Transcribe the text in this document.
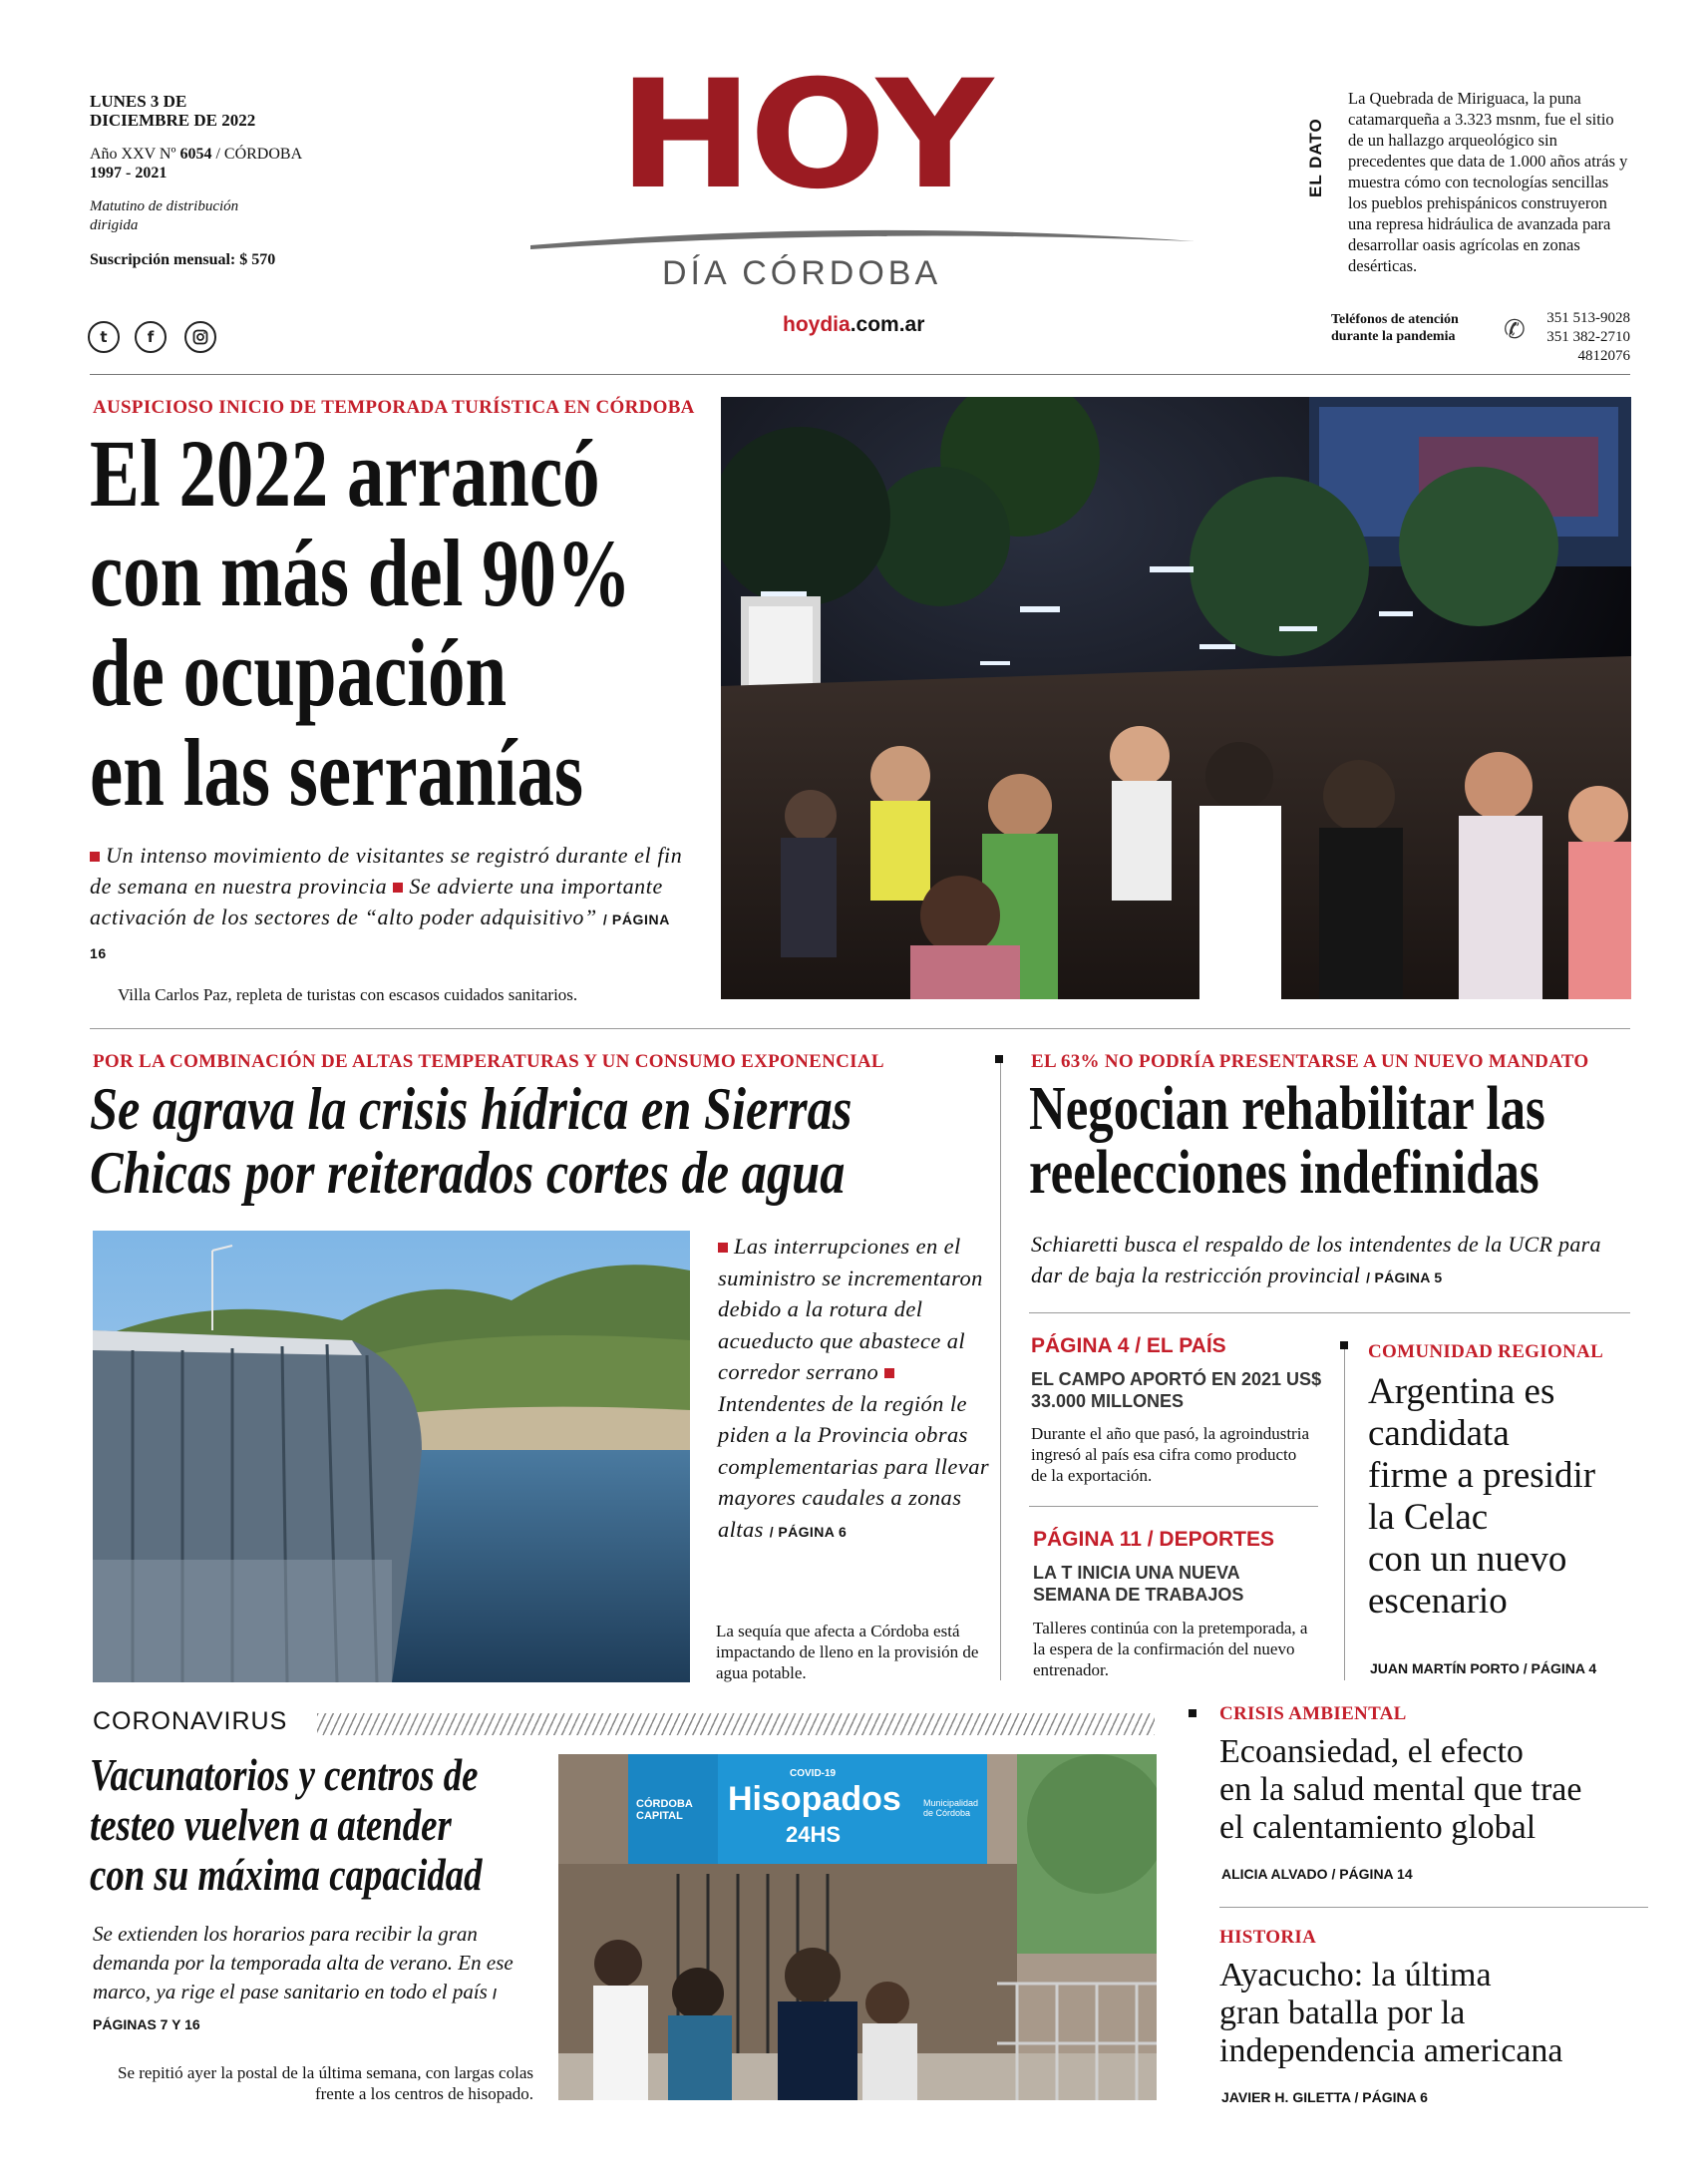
LUNES 3 DE DICIEMBRE DE 2022
Año XXV Nº 6054 / CÓRDOBA
1997 - 2021
Matutino de distribución dirigida
Suscripción mensual: $ 570
t	f
HOY
DÍA CÓRDOBA
hoydia.com.ar
EL DATO
La Quebrada de Miriguaca, la puna catamarqueña a 3.323 msnm, fue el sitio de un hallazgo arqueológico sin precedentes que data de 1.000 años atrás y muestra cómo con tecnologías sencillas los pueblos prehispánicos construyeron una represa hidráulica de avanzada para desarrollar oasis agrícolas en zonas desérticas.
Teléfonos de atención durante la pandemia	✆	351 513-9028
351 382-2710
4812076
AUSPICIOSO INICIO DE TEMPORADA TURÍSTICA EN CÓRDOBA
El 2022 arrancó
con más del 90%
de ocupación
en las serranías
Un intenso movimiento de visitantes se registró durante el fin de semana en nuestra provincia Se advierte una importante activación de los sectores de “alto poder adquisitivo” / PÁGINA 16
Villa Carlos Paz, repleta de turistas con escasos cuidados sanitarios.
POR LA COMBINACIÓN DE ALTAS TEMPERATURAS Y UN CONSUMO EXPONENCIAL
Se agrava la crisis hídrica en Sierras
Chicas por reiterados cortes de agua
Las interrupciones en el suministro se incrementaron debido a la rotura del acueducto que abastece al corredor serrano Intendentes de la región le piden a la Provincia obras complementarias para llevar mayores caudales a zonas altas / PÁGINA 6
La sequía que afecta a Córdoba está impactando de lleno en la provisión de agua potable.
EL 63% NO PODRÍA PRESENTARSE A UN NUEVO MANDATO
Negocian rehabilitar las
reelecciones indefinidas
Schiaretti busca el respaldo de los intendentes de la UCR para dar de baja la restricción provincial / PÁGINA 5
PÁGINA 4 / EL PAÍS
EL CAMPO APORTÓ EN 2021 US$ 33.000 MILLONES
Durante el año que pasó, la agroindustria ingresó al país esa cifra como producto de la exportación.
PÁGINA 11 / DEPORTES
LA T INICIA UNA NUEVA SEMANA DE TRABAJOS
Talleres continúa con la pretemporada, a la espera de la confirmación del nuevo entrenador.
COMUNIDAD REGIONAL
Argentina es
candidata
firme a presidir
la Celac
con un nuevo
escenario
JUAN MARTÍN PORTO / PÁGINA 4
CORONAVIRUS
Vacunatorios y centros de
testeo vuelven a atender
con su máxima capacidad
Se extienden los horarios para recibir la gran demanda por la temporada alta de verano. En ese marco, ya rige el pase sanitario en todo el país / PÁGINAS 7 Y 16
Se repitió ayer la postal de la última semana, con largas colas frente a los centros de hisopado.
CÓRDOBA CAPITAL
COVID-19
Hisopados
24HS
Municipalidad de Córdoba
CRISIS AMBIENTAL
Ecoansiedad, el efecto
en la salud mental que trae
el calentamiento global
ALICIA ALVADO / PÁGINA 14
HISTORIA
Ayacucho: la última
gran batalla por la
independencia americana
JAVIER H. GILETTA / PÁGINA 6
